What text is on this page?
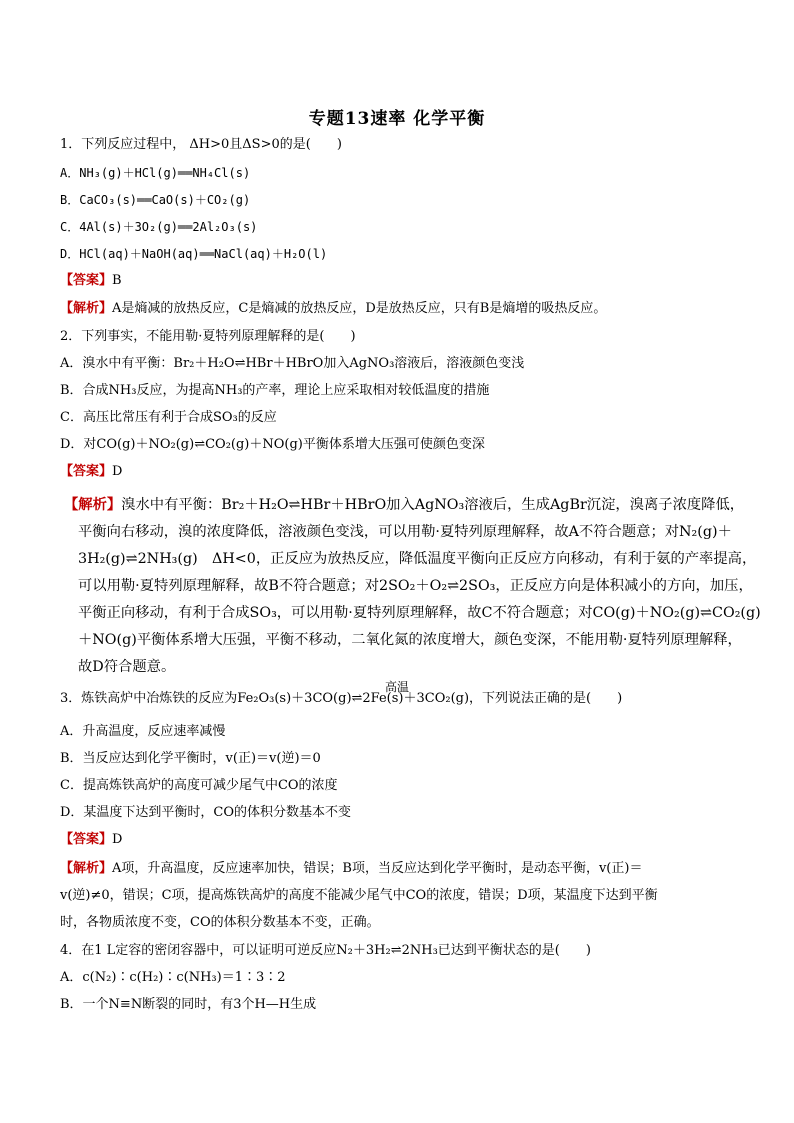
专题13速率 化学平衡
1．下列反应过程中， ΔH>0且ΔS>0的是(　　)
A．NH₃(g)＋HCl(g)══NH₄Cl(s)
B．CaCO₃(s)══CaO(s)＋CO₂(g)
C．4Al(s)＋3O₂(g)══2Al₂O₃(s)
D．HCl(aq)＋NaOH(aq)══NaCl(aq)＋H₂O(l)
【答案】B
【解析】A是熵减的放热反应，C是熵减的放热反应，D是放热反应，只有B是熵增的吸热反应。
2．下列事实，不能用勒·夏特列原理解释的是(　　)
A．溴水中有平衡：Br₂＋H₂O⇌HBr＋HBrO加入AgNO₃溶液后，溶液颜色变浅
B．合成NH₃反应，为提高NH₃的产率，理论上应采取相对较低温度的措施
C．高压比常压有利于合成SO₃的反应
D．对CO(g)＋NO₂(g)⇌CO₂(g)＋NO(g)平衡体系增大压强可使颜色变深
【答案】D
【解析】溴水中有平衡：Br₂＋H₂O⇌HBr＋HBrO加入AgNO₃溶液后，生成AgBr沉淀，溴离子浓度降低，
平衡向右移动，溴的浓度降低，溶液颜色变浅，可以用勒·夏特列原理解释，故A不符合题意；对N₂(g)＋
3H₂(g)⇌2NH₃(g)　ΔH<0，正反应为放热反应，降低温度平衡向正反应方向移动，有利于氨的产率提高，
可以用勒·夏特列原理解释，故B不符合题意；对2SO₂＋O₂⇌2SO₃，正反应方向是体积减小的方向，加压，
平衡正向移动，有利于合成SO₃，可以用勒·夏特列原理解释，故C不符合题意；对CO(g)＋NO₂(g)⇌CO₂(g)
＋NO(g)平衡体系增大压强，平衡不移动，二氧化氮的浓度增大，颜色变深，不能用勒·夏特列原理解释，
故D符合题意。
高温
3．炼铁高炉中冶炼铁的反应为Fe₂O₃(s)＋3CO(g)⇌2Fe(s)＋3CO₂(g)，下列说法正确的是(　　)
A．升高温度，反应速率减慢
B．当反应达到化学平衡时，v(正)＝v(逆)＝0
C．提高炼铁高炉的高度可减少尾气中CO的浓度
D．某温度下达到平衡时，CO的体积分数基本不变
【答案】D
【解析】A项，升高温度，反应速率加快，错误；B项，当反应达到化学平衡时，是动态平衡，v(正)＝
v(逆)≠0，错误；C项，提高炼铁高炉的高度不能减少尾气中CO的浓度，错误；D项，某温度下达到平衡
时，各物质浓度不变，CO的体积分数基本不变，正确。
4．在1 L定容的密闭容器中，可以证明可逆反应N₂＋3H₂⇌2NH₃已达到平衡状态的是(　　)
A．c(N₂)∶c(H₂)∶c(NH₃)＝1∶3∶2
B．一个N≡N断裂的同时，有3个H—H生成
